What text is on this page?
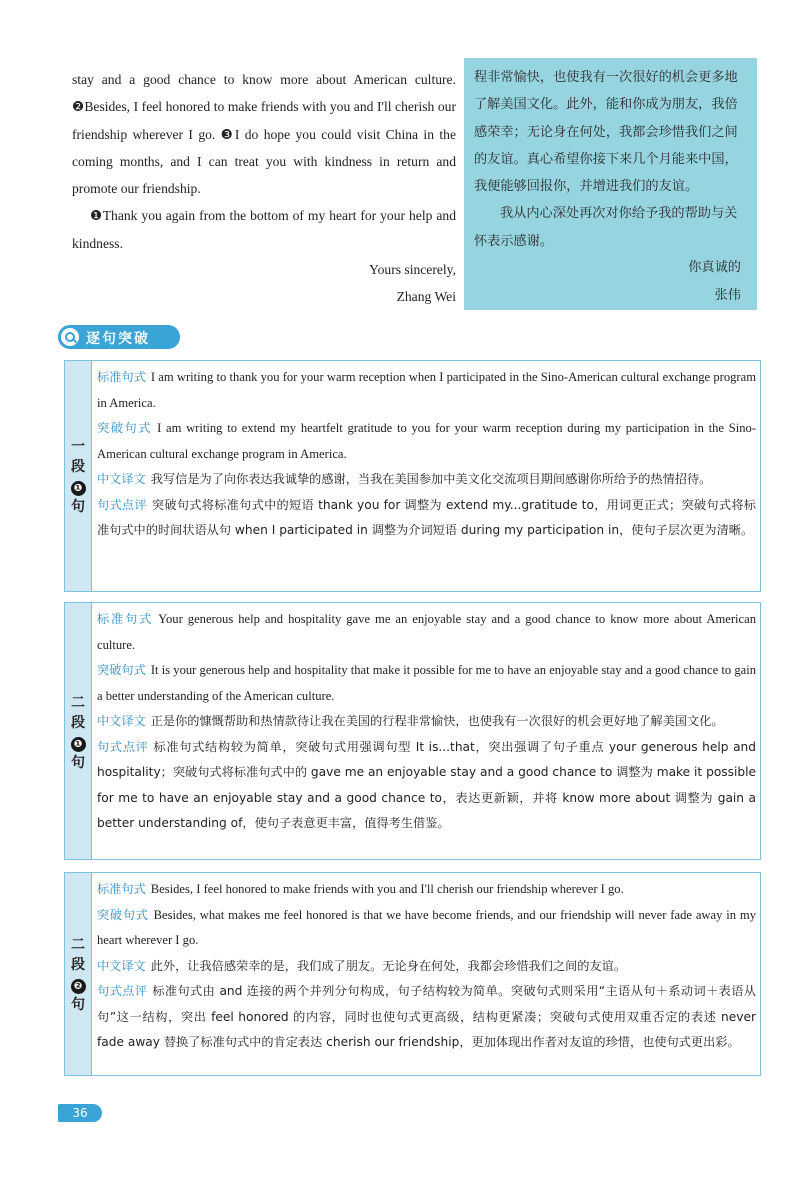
stay and a good chance to know more about American culture. ❷Besides, I feel honored to make friends with you and I'll cherish our friendship wherever I go. ❸I do hope you could visit China in the coming months, and I can treat you with kindness in return and promote our friendship.

❶Thank you again from the bottom of my heart for your help and kindness.

Yours sincerely,
Zhang Wei

程非常愉快，也使我有一次很好的机会更多地了解美国文化。此外，能和你成为朋友，我倍感荣幸；无论身在何处，我都会珍惜我们之间的友谊。真心希望你接下来几个月能来中国，我便能够回报你，并增进我们的友谊。

我从内心深处再次对你给予我的帮助与关怀表示感谢。

你真诚的
张伟
逐句突破
一
段
❶
句

标准句式 I am writing to thank you for your warm reception when I participated in the Sino-American cultural exchange program in America.

突破句式 I am writing to extend my heartfelt gratitude to you for your warm reception during my participation in the Sino-American cultural exchange program in America.

中文译文 我写信是为了向你表达我诚挚的感谢，当我在美国参加中美文化交流项目期间感谢你所给予的热情招待。

句式点评 突破句式将标准句式中的短语 thank you for 调整为 extend my...gratitude to，用词更正式；突破句式将标准句式中的时间状语从句 when I participated in 调整为介词短语 during my participation in，使句子层次更为清晰。

二
段
❶
句

标准句式 Your generous help and hospitality gave me an enjoyable stay and a good chance to know more about American culture.

突破句式 It is your generous help and hospitality that make it possible for me to have an enjoyable stay and a good chance to gain a better understanding of the American culture.

中文译文 正是你的慷慨帮助和热情款待让我在美国的行程非常愉快，也使我有一次很好的机会更好地了解美国文化。

句式点评 标准句式结构较为简单，突破句式用强调句型 It is...that，突出强调了句子重点 your generous help and hospitality；突破句式将标准句式中的 gave me an enjoyable stay and a good chance to 调整为 make it possible for me to have an enjoyable stay and a good chance to，表达更新颖，并将 know more about 调整为 gain a better understanding of，使句子表意更丰富，值得考生借鉴。

二
段
❷
句

标准句式 Besides, I feel honored to make friends with you and I'll cherish our friendship wherever I go.

突破句式 Besides, what makes me feel honored is that we have become friends, and our friendship will never fade away in my heart wherever I go.

中文译文 此外，让我倍感荣幸的是，我们成了朋友。无论身在何处，我都会珍惜我们之间的友谊。

句式点评 标准句式由 and 连接的两个并列分句构成，句子结构较为简单。突破句式则采用“主语从句＋系动词＋表语从句”这一结构，突出 feel honored 的内容，同时也使句式更高级，结构更紧凑；突破句式使用双重否定的表述 never fade away 替换了标准句式中的肯定表达 cherish our friendship，更加体现出作者对友谊的珍惜，也使句式更出彩。

36
